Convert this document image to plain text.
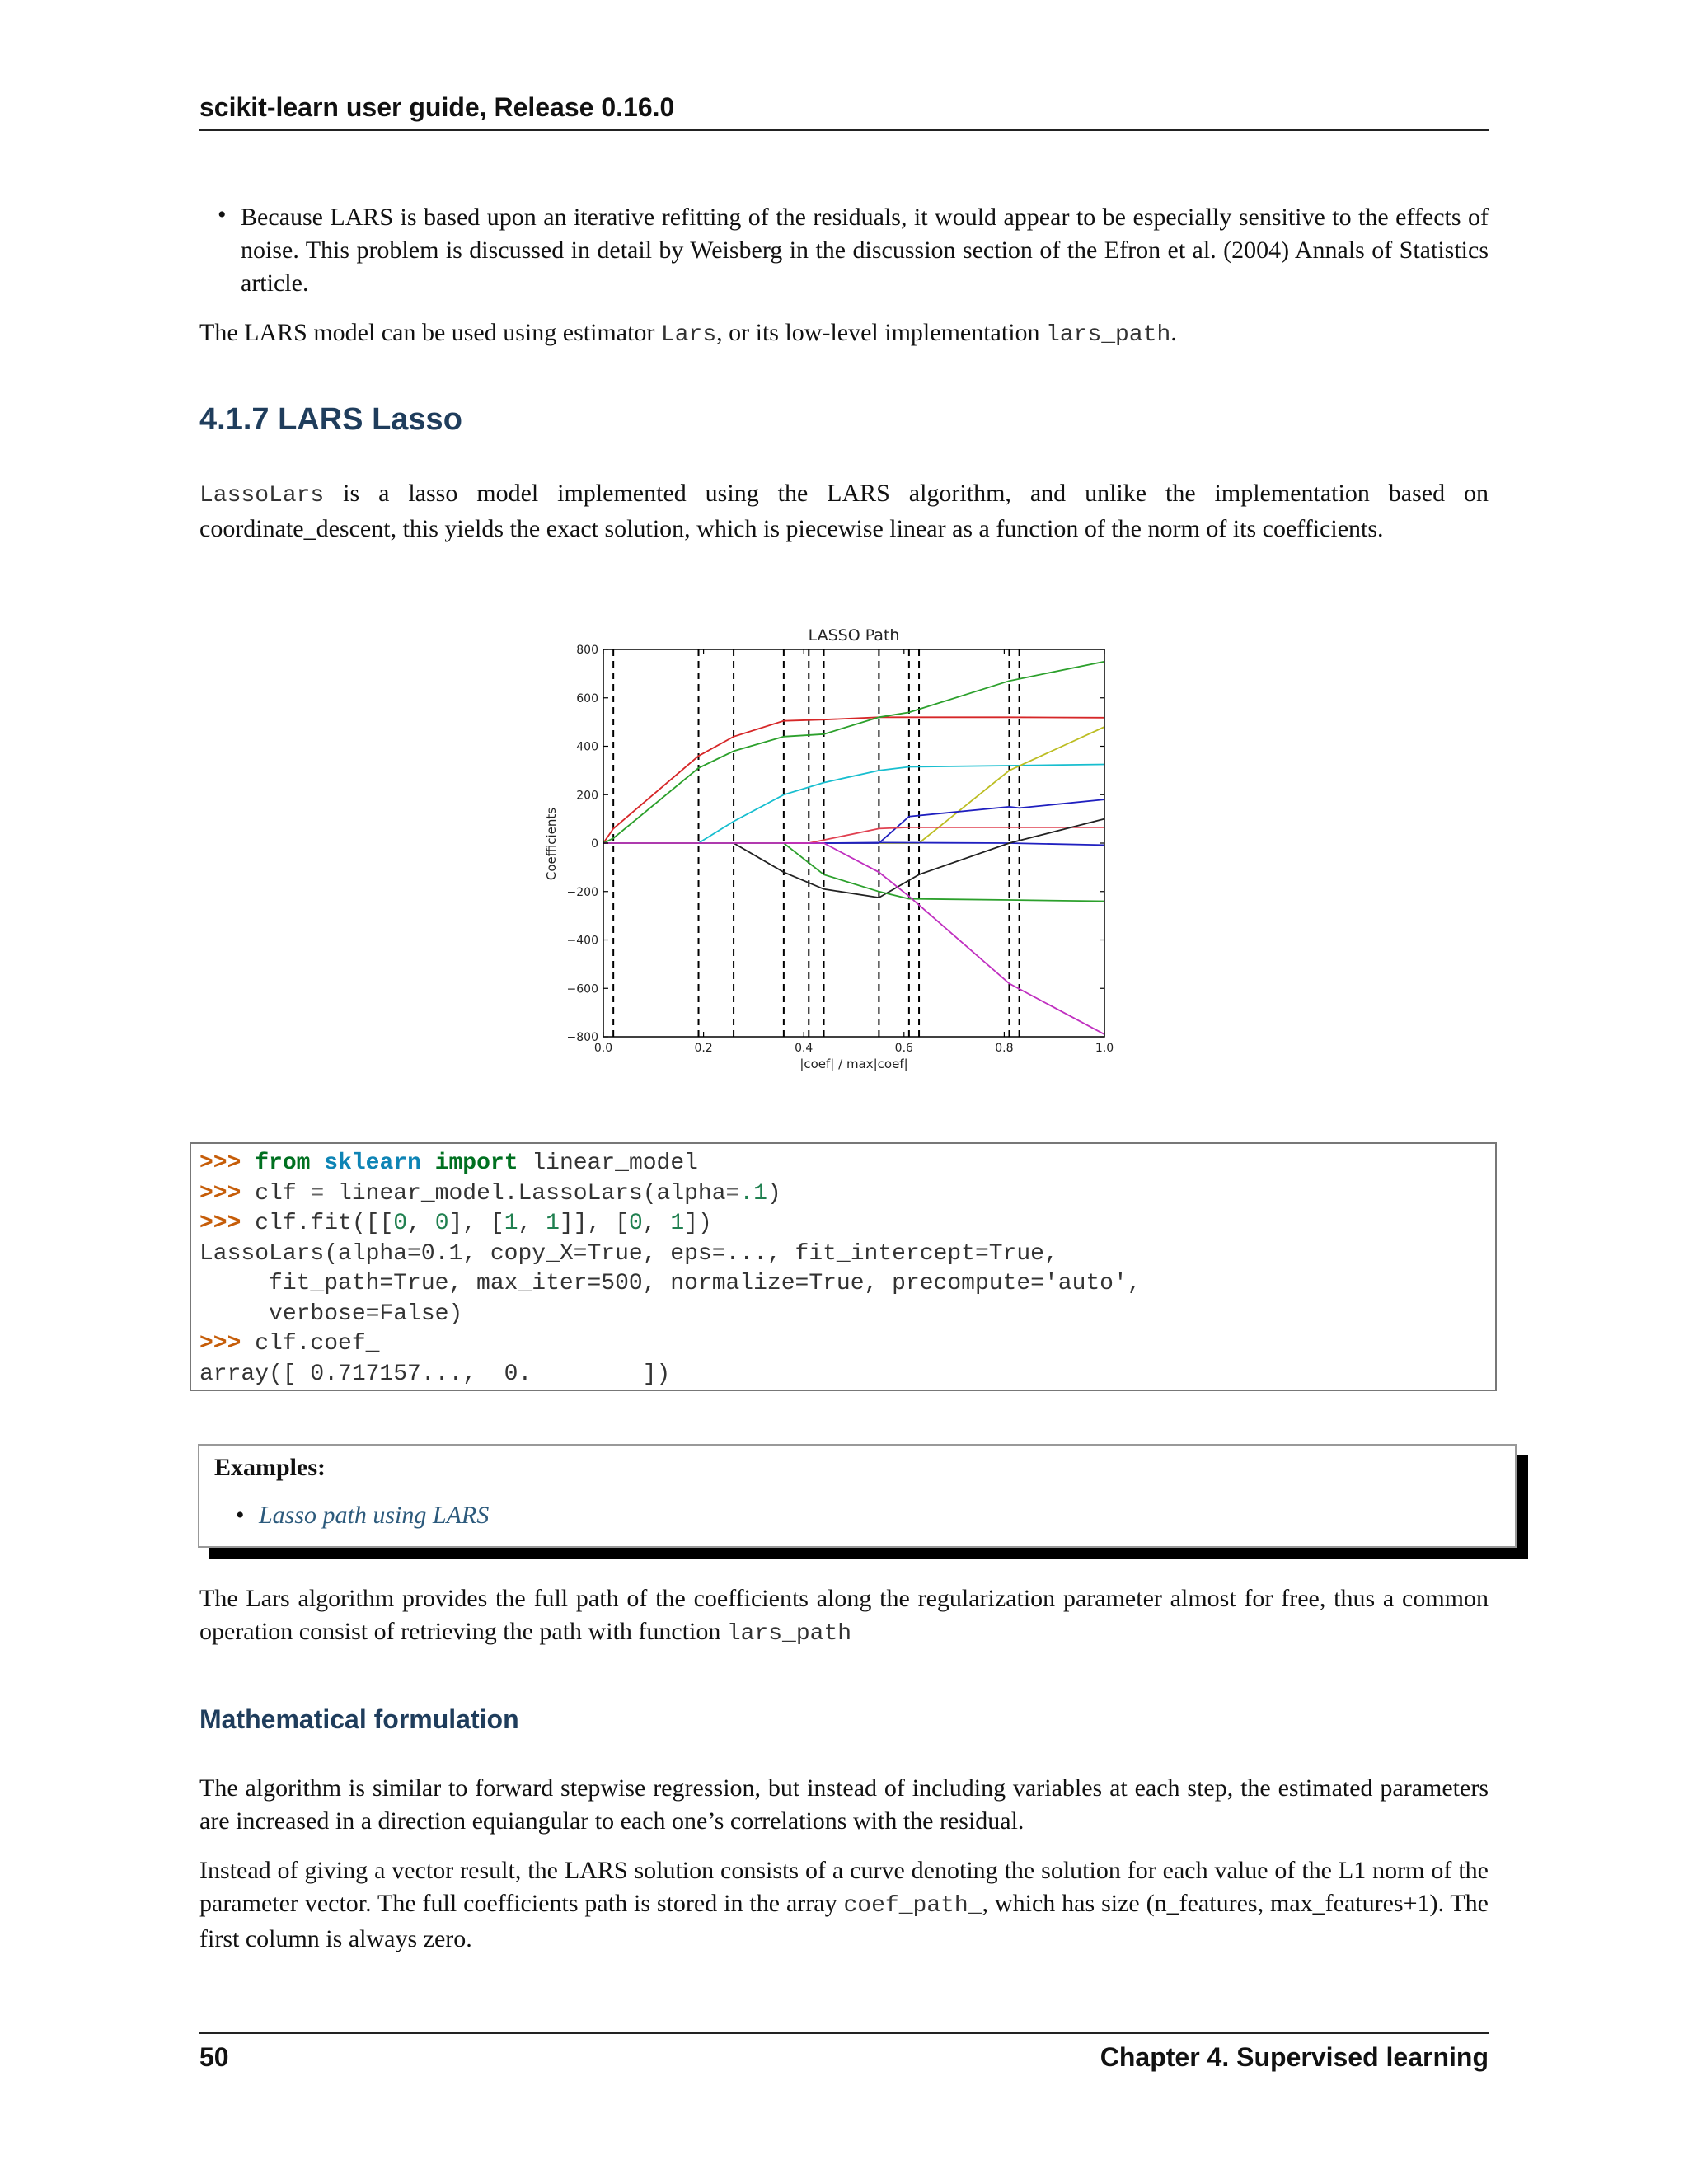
scikit-learn user guide, Release 0.16.0
• Because LARS is based upon an iterative refitting of the residuals, it would appear to be especially sensitive to the effects of noise. This problem is discussed in detail by Weisberg in the discussion section of the Efron et al. (2004) Annals of Statistics article.

The LARS model can be used using estimator Lars, or its low-level implementation lars_path.

4.1.7 LARS Lasso

LassoLars is a lasso model implemented using the LARS algorithm, and unlike the implementation based on coordinate_descent, this yields the exact solution, which is piecewise linear as a function of the norm of its coefficients.

The Lars algorithm provides the full path of the coefficients along the regularization parameter almost for free, thus a common operation consist of retrieving the path with function lars_path
Mathematical formulation

The algorithm is similar to forward stepwise regression, but instead of including variables at each step, the estimated parameters are increased in a direction equiangular to each one’s correlations with the residual.

Instead of giving a vector result, the LARS solution consists of a curve denoting the solution for each value of the L1 norm of the parameter vector. The full coefficients path is stored in the array coef_path_, which has size (n_features, max_features+1). The first column is always zero.

50	Chapter 4. Supervised learning
LASSO Path
Coefficients
|coef| / max|coef|
800
600
400
200
0
−200
−400
−600
−800
0.0	0.2	0.4	0.6	0.8	1.0
>>> from sklearn import linear_model
>>> clf = linear_model.LassoLars(alpha=.1)
>>> clf.fit([[0, 0], [1, 1]], [0, 1])
LassoLars(alpha=0.1, copy_X=True, eps=..., fit_intercept=True,
fit_path=True, max_iter=500, normalize=True, precompute='auto',
verbose=False)
>>> clf.coef_
array([ 0.717157...,  0.        ])
Examples:
• Lasso path using LARS
